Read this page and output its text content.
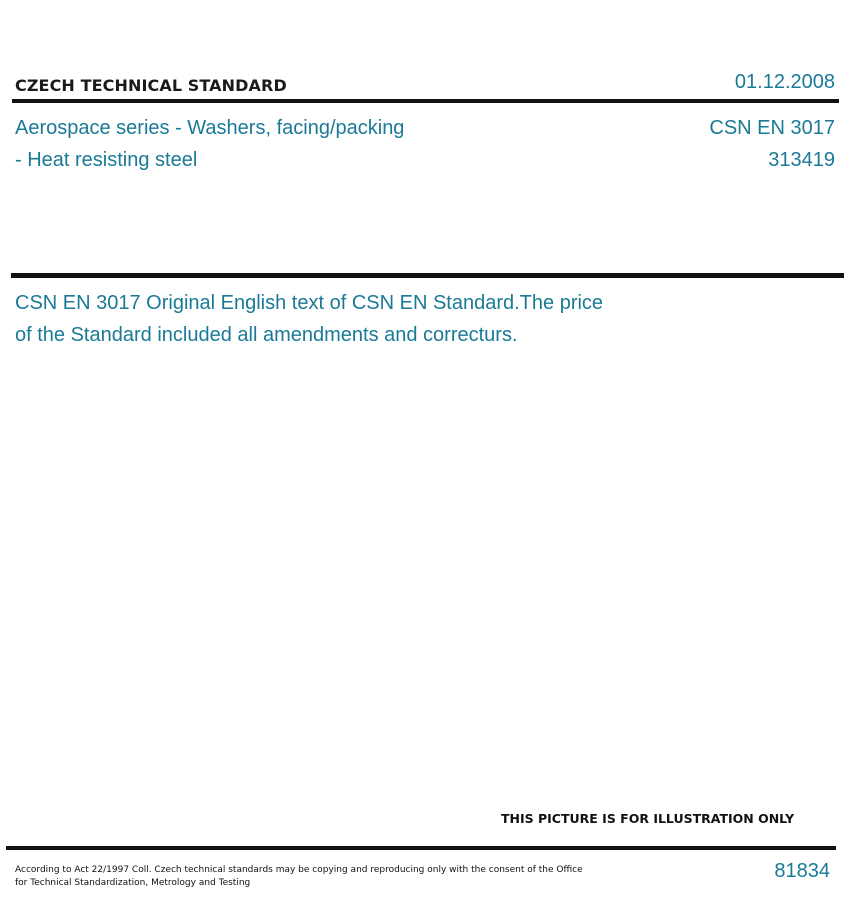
CZECH TECHNICAL STANDARD	01.12.2008
Aerospace series - Washers, facing/packing
- Heat resisting steel
CSN EN 3017
313419
CSN EN 3017 Original English text of CSN EN Standard.The price
of the Standard included all amendments and correcturs.
THIS PICTURE IS FOR ILLUSTRATION ONLY
According to Act 22/1997 Coll. Czech technical standards may be copying and reproducing only with the consent of the Office
for Technical Standardization, Metrology and Testing
81834
